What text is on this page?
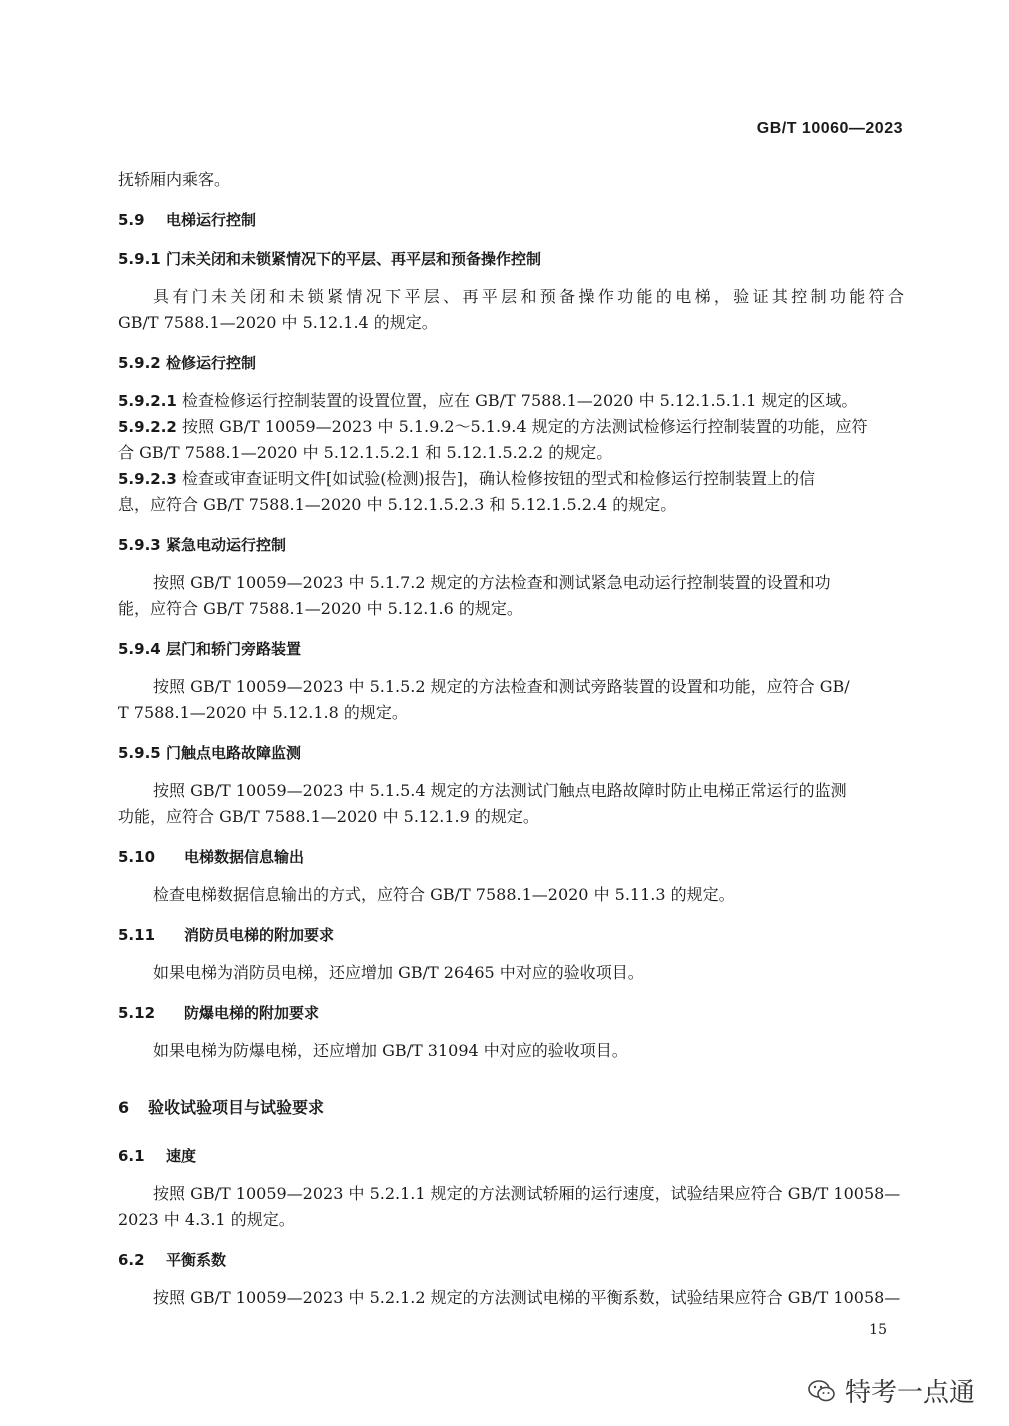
GB/T 10060—2023
抚轿厢内乘客。
5.9 电梯运行控制
5.9.1 门未关闭和未锁紧情况下的平层、再平层和预备操作控制
具有门未关闭和未锁紧情况下平层、再平层和预备操作功能的电梯，验证其控制功能符合
GB/T 7588.1—2020 中 5.12.1.4 的规定。
5.9.2 检修运行控制
5.9.2.1 检查检修运行控制装置的设置位置，应在 GB/T 7588.1—2020 中 5.12.1.5.1.1 规定的区域。
5.9.2.2 按照 GB/T 10059—2023 中 5.1.9.2～5.1.9.4 规定的方法测试检修运行控制装置的功能，应符
合 GB/T 7588.1—2020 中 5.12.1.5.2.1 和 5.12.1.5.2.2 的规定。
5.9.2.3 检查或审查证明文件[如试验(检测)报告]，确认检修按钮的型式和检修运行控制装置上的信
息，应符合 GB/T 7588.1—2020 中 5.12.1.5.2.3 和 5.12.1.5.2.4 的规定。
5.9.3 紧急电动运行控制
按照 GB/T 10059—2023 中 5.1.7.2 规定的方法检查和测试紧急电动运行控制装置的设置和功
能，应符合 GB/T 7588.1—2020 中 5.12.1.6 的规定。
5.9.4 层门和轿门旁路装置
按照 GB/T 10059—2023 中 5.1.5.2 规定的方法检查和测试旁路装置的设置和功能，应符合 GB/
T 7588.1—2020 中 5.12.1.8 的规定。
5.9.5 门触点电路故障监测
按照 GB/T 10059—2023 中 5.1.5.4 规定的方法测试门触点电路故障时防止电梯正常运行的监测
功能，应符合 GB/T 7588.1—2020 中 5.12.1.9 的规定。
5.10 电梯数据信息输出
检查电梯数据信息输出的方式，应符合 GB/T 7588.1—2020 中 5.11.3 的规定。
5.11 消防员电梯的附加要求
如果电梯为消防员电梯，还应增加 GB/T 26465 中对应的验收项目。
5.12 防爆电梯的附加要求
如果电梯为防爆电梯，还应增加 GB/T 31094 中对应的验收项目。
6 验收试验项目与试验要求
6.1 速度
按照 GB/T 10059—2023 中 5.2.1.1 规定的方法测试轿厢的运行速度，试验结果应符合 GB/T 10058—
2023 中 4.3.1 的规定。
6.2 平衡系数
按照 GB/T 10059—2023 中 5.2.1.2 规定的方法测试电梯的平衡系数，试验结果应符合 GB/T 10058—
15
特考一点通
